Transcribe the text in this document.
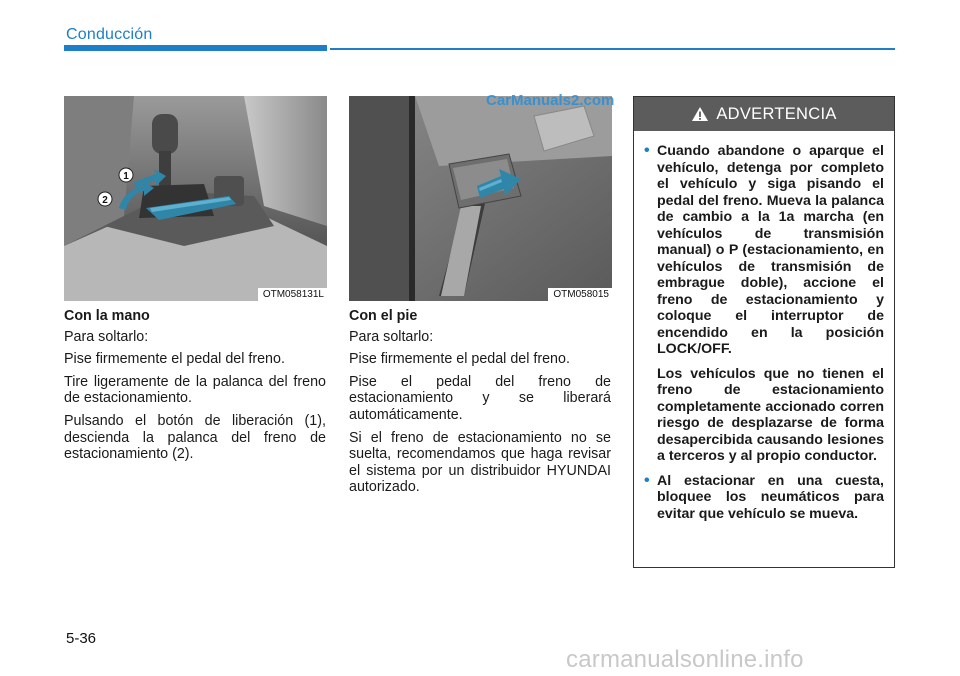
Conducción
1
2
OTM058131L	OTM058015
CarManuals2.com

Con la mano

Para soltarlo:

Pise firmemente el pedal del freno.

Tire ligeramente de la palanca del freno de estacionamiento.

Pulsando el botón de liberación (1), descienda la palanca del freno de estacionamiento (2).

Con el pie

Para soltarlo:

Pise firmemente el pedal del freno.

Pise el pedal del freno de estacionamiento y se liberará automáticamente.

Si el freno de estacionamiento no se suelta, recomendamos que haga revisar el sistema por un distribuidor HYUNDAI autorizado.

ADVERTENCIA
• Cuando abandone o aparque el vehículo, detenga por completo el vehículo y siga pisando el pedal del freno. Mueva la palanca de cambio a la 1a marcha (en vehículos de transmisión manual) o P (estacionamiento, en vehículos de transmisión de embrague doble), accione el freno de estacionamiento y coloque el interruptor de encendido en la posición LOCK/OFF.

Los vehículos que no tienen el freno de estacionamiento completamente accionado corren riesgo de desplazarse de forma desapercibida causando lesiones a terceros y al propio conductor.

• Al estacionar en una cuesta, bloquee los neumáticos para evitar que vehículo se mueva.

5-36
carmanualsonline.info
